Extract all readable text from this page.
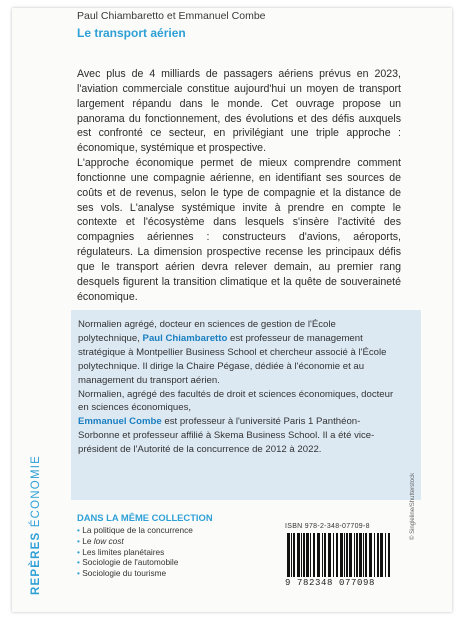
Paul Chiambaretto et Emmanuel Combe
Le transport aérien

Avec plus de 4 milliards de passagers aériens prévus en 2023, l'aviation commerciale constitue aujourd'hui un moyen de transport largement répandu dans le monde. Cet ouvrage propose un panorama du fonctionnement, des évolutions et des défis auxquels est confronté ce secteur, en privilégiant une triple approche : économique, systémique et prospective.

L'approche économique permet de mieux comprendre comment fonctionne une compagnie aérienne, en identifiant ses sources de coûts et de revenus, selon le type de compagnie et la distance de ses vols. L'analyse systémique invite à prendre en compte le contexte et l'écosystème dans lesquels s'insère l'activité des compagnies aériennes : constructeurs d'avions, aéroports, régulateurs. La dimension prospective recense les principaux défis que le transport aérien devra relever demain, au premier rang desquels figurent la transition climatique et la quête de souveraineté économique.

Normalien agrégé, docteur en sciences de gestion de l'École polytechnique, Paul Chiambaretto est professeur de management stratégique à Montpellier Business School et chercheur associé à l'École polytechnique. Il dirige la Chaire Pégase, dédiée à l'économie et au management du transport aérien.

Normalien, agrégé des facultés de droit et sciences économiques, docteur en sciences économiques,
Emmanuel Combe est professeur à l'université Paris 1 Panthéon-Sorbonne et professeur affilié à Skema Business School. Il a été vice-président de l'Autorité de la concurrence de 2012 à 2022.

REPÈRES ÉCONOMIE	© Singleline/Shutterstock
DANS LA MÊME COLLECTION
• La politique de la concurrence
• Le low cost
• Les limites planétaires
• Sociologie de l'automobile
• Sociologie du tourisme
ISBN 978-2-348-07709-8
9 782348 077098
